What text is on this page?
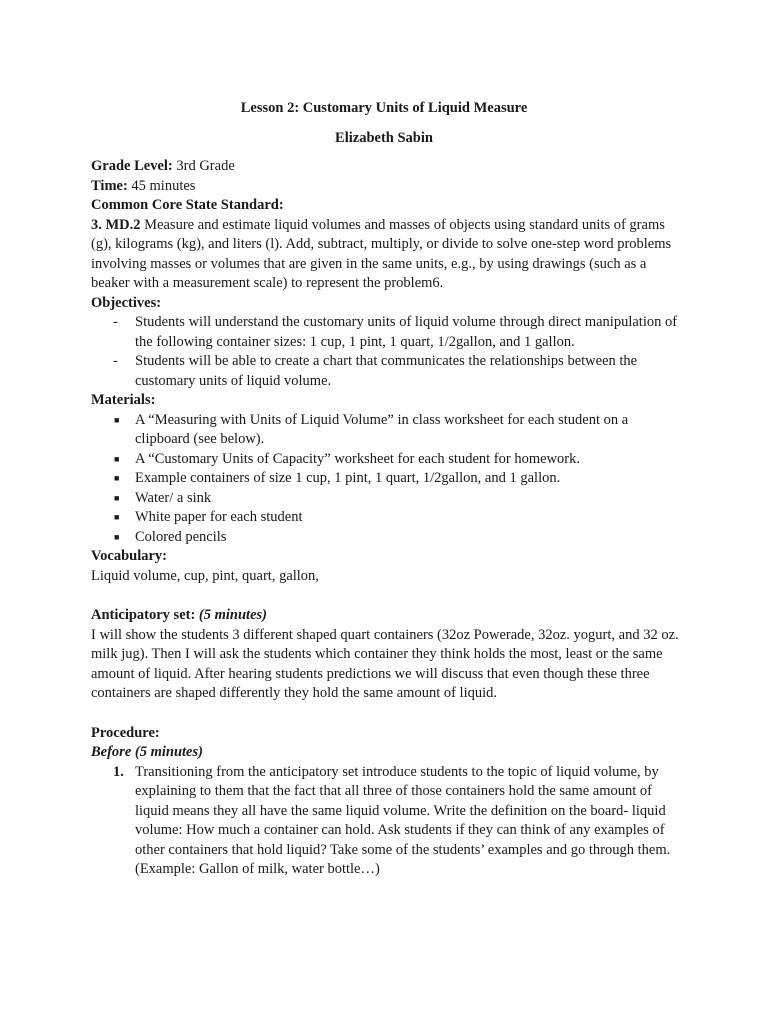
Lesson 2: Customary Units of Liquid Measure
Elizabeth Sabin

Grade Level: 3rd Grade

Time: 45 minutes

Common Core State Standard:

3. MD.2 Measure and estimate liquid volumes and masses of objects using standard units of grams (g), kilograms (kg), and liters (l). Add, subtract, multiply, or divide to solve one-step word problems involving masses or volumes that are given in the same units, e.g., by using drawings (such as a beaker with a measurement scale) to represent the problem6.

Objectives:

- Students will understand the customary units of liquid volume through direct manipulation of the following container sizes: 1 cup, 1 pint, 1 quart, 1/2gallon, and 1 gallon.
- Students will be able to create a chart that communicates the relationships between the customary units of liquid volume.

Materials:

■ A “Measuring with Units of Liquid Volume” in class worksheet for each student on a clipboard (see below).
■ A “Customary Units of Capacity” worksheet for each student for homework.
■ Example containers of size 1 cup, 1 pint, 1 quart, 1/2gallon, and 1 gallon.
■ Water/ a sink
■ White paper for each student
■ Colored pencils

Vocabulary:

Liquid volume, cup, pint, quart, gallon,

Anticipatory set: (5 minutes)

I will show the students 3 different shaped quart containers (32oz Powerade, 32oz. yogurt, and 32 oz. milk jug). Then I will ask the students which container they think holds the most, least or the same amount of liquid. After hearing students predictions we will discuss that even though these three containers are shaped differently they hold the same amount of liquid.

Procedure:

Before (5 minutes)

1. Transitioning from the anticipatory set introduce students to the topic of liquid volume, by explaining to them that the fact that all three of those containers hold the same amount of liquid means they all have the same liquid volume. Write the definition on the board- liquid volume: How much a container can hold. Ask students if they can think of any examples of other containers that hold liquid? Take some of the students’ examples and go through them. (Example: Gallon of milk, water bottle…)
